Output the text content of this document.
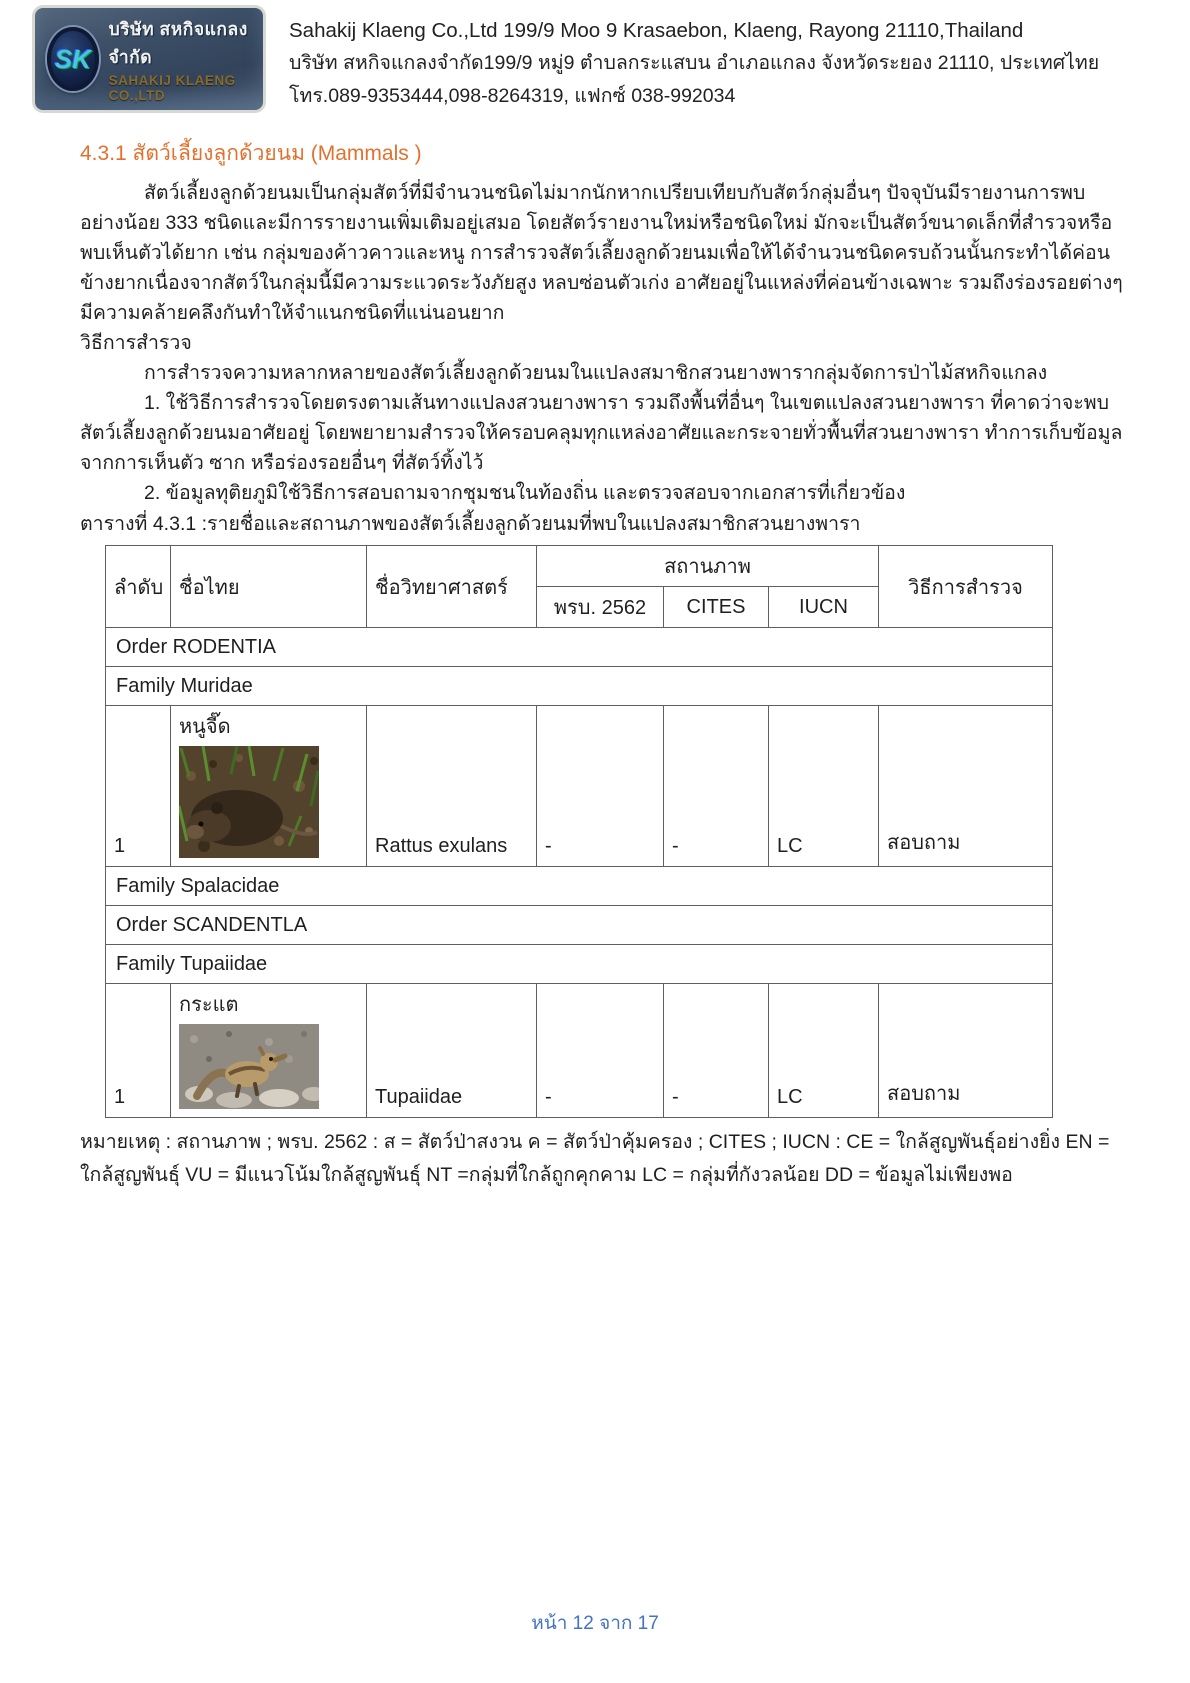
SK
บริษัท สหกิจแกลง จำกัด
SAHAKIJ KLAENG CO.,LTD
Sahakij Klaeng Co.,Ltd 199/9 Moo 9 Krasaebon, Klaeng, Rayong 21110,Thailand
บริษัท สหกิจแกลงจำกัด199/9 หมู่9 ตำบลกระแสบน อำเภอแกลง จังหวัดระยอง 21110, ประเทศไทย
โทร.089-9353444,098-8264319, แฟกซ์ 038-992034
4.3.1 สัตว์เลี้ยงลูกด้วยนม (Mammals )
สัตว์เลี้ยงลูกด้วยนมเป็นกลุ่มสัตว์ที่มีจำนวนชนิดไม่มากนักหากเปรียบเทียบกับสัตว์กลุ่มอื่นๆ ปัจจุบันมีรายงานการพบอย่างน้อย 333 ชนิดและมีการรายงานเพิ่มเติมอยู่เสมอ โดยสัตว์รายงานใหม่หรือชนิดใหม่ มักจะเป็นสัตว์ขนาดเล็กที่สำรวจหรือพบเห็นตัวได้ยาก เช่น กลุ่มของค้าวคาวและหนู การสำรวจสัตว์เลี้ยงลูกด้วยนมเพื่อให้ได้จำนวนชนิดครบถ้วนนั้นกระทำได้ค่อนข้างยากเนื่องจากสัตว์ในกลุ่มนี้มีความระแวดระวังภัยสูง หลบซ่อนตัวเก่ง อาศัยอยู่ในแหล่งที่ค่อนข้างเฉพาะ รวมถึงร่องรอยต่างๆ มีความคล้ายคลึงกันทำให้จำแนกชนิดที่แน่นอนยาก
วิธีการสำรวจ
การสำรวจความหลากหลายของสัตว์เลี้ยงลูกด้วยนมในแปลงสมาชิกสวนยางพารากลุ่มจัดการป่าไม้สหกิจแกลง
1. ใช้วิธีการสำรวจโดยตรงตามเส้นทางแปลงสวนยางพารา รวมถึงพื้นที่อื่นๆ ในเขตแปลงสวนยางพารา ที่คาดว่าจะพบสัตว์เลี้ยงลูกด้วยนมอาศัยอยู่ โดยพยายามสำรวจให้ครอบคลุมทุกแหล่งอาศัยและกระจายทั่วพื้นที่สวนยางพารา ทำการเก็บข้อมูลจากการเห็นตัว ซาก หรือร่องรอยอื่นๆ ที่สัตว์ทิ้งไว้
2. ข้อมูลทุติยภูมิใช้วิธีการสอบถามจากชุมชนในท้องถิ่น และตรวจสอบจากเอกสารที่เกี่ยวข้อง
ตารางที่ 4.3.1 :รายชื่อและสถานภาพของสัตว์เลี้ยงลูกด้วยนมที่พบในแปลงสมาชิกสวนยางพารา
ลำดับ	ชื่อไทย	ชื่อวิทยาศาสตร์	สถานภาพ			วิธีการสำรวจ
			พรบ. 2562	CITES	IUCN	
Order RODENTIA						
Family Muridae						
1	หนูจี๊ด	Rattus exulans	-	-	LC	สอบถาม
Family Spalacidae						
Order SCANDENTLA						
Family Tupaiidae						
1	กระแต	Tupaiidae	-	-	LC	สอบถาม
หมายเหตุ : สถานภาพ ; พรบ. 2562 : ส = สัตว์ป่าสงวน ค = สัตว์ป่าคุ้มครอง ; CITES ; IUCN : CE = ใกล้สูญพันธุ์อย่างยิ่ง EN = ใกล้สูญพันธุ์ VU = มีแนวโน้มใกล้สูญพันธุ์ NT =กลุ่มที่ใกล้ถูกคุกคาม LC = กลุ่มที่กังวลน้อย DD = ข้อมูลไม่เพียงพอ
หน้า 12 จาก 17
